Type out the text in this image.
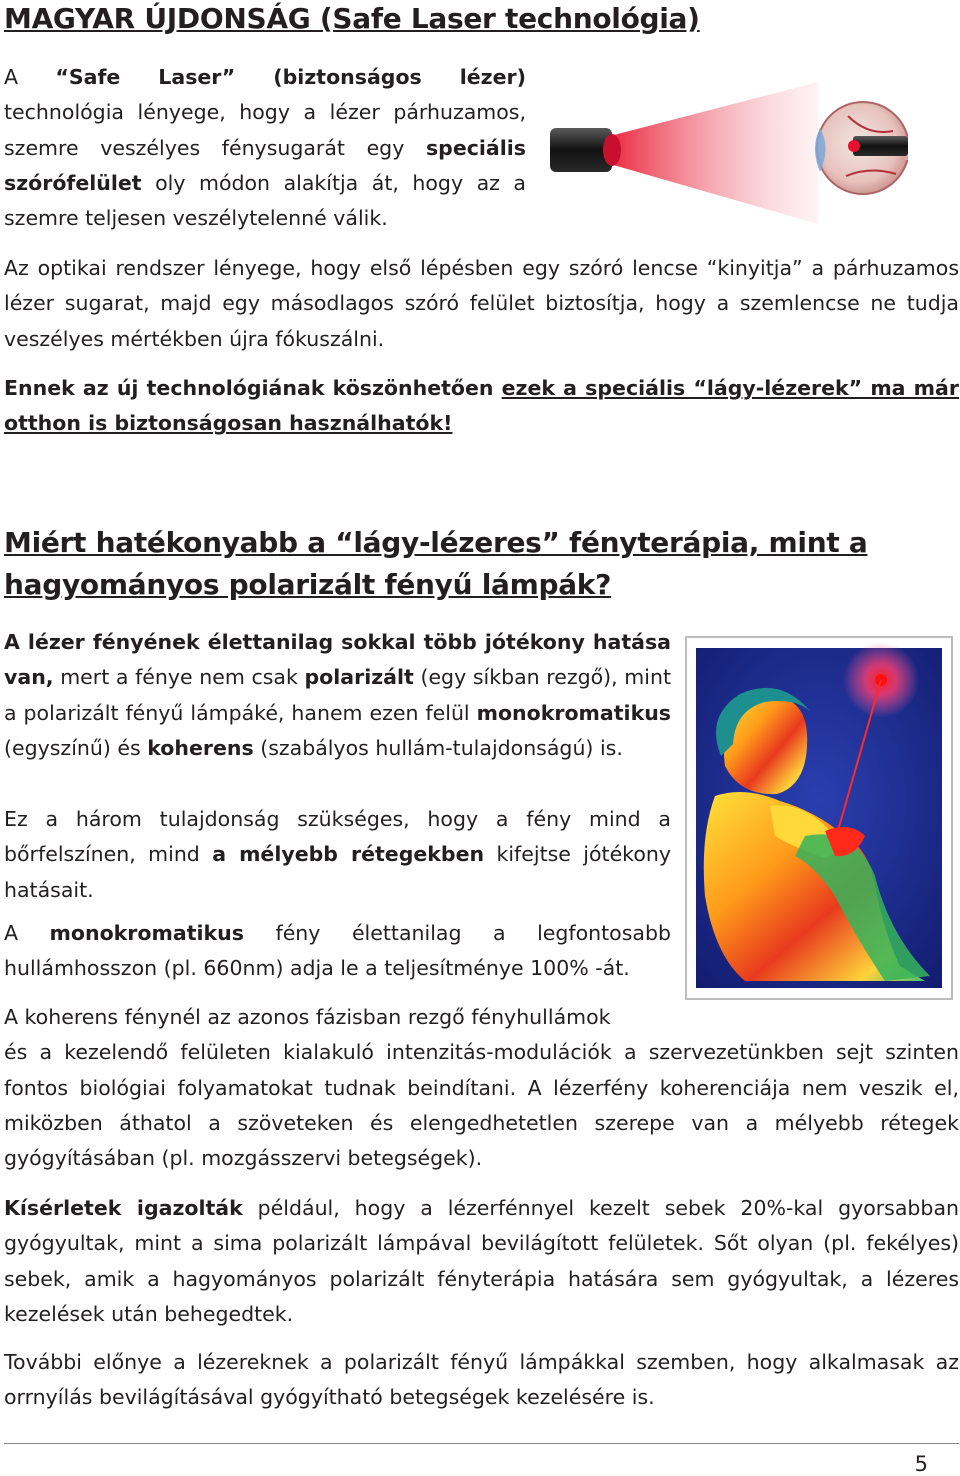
MAGYAR ÚJDONSÁG (Safe Laser technológia)

A “Safe Laser” (biztonságos lézer) technológia lényege, hogy a lézer párhuzamos, szemre veszélyes fénysugarát egy speciális szórófelület oly módon alakítja át, hogy az a szemre teljesen veszélytelenné válik.

Az optikai rendszer lényege, hogy első lépésben egy szóró lencse “kinyitja” a párhuzamos lézer sugarat, majd egy másodlagos szóró felület biztosítja, hogy a szemlencse ne tudja veszélyes mértékben újra fókuszálni.

Ennek az új technológiának köszönhetően ezek a speciális “lágy-lézerek” ma már otthon is biztonságosan használhatók!

Miért hatékonyabb a “lágy-lézeres” fényterápia, mint a hagyományos polarizált fényű lámpák?

A lézer fényének élettanilag sokkal több jótékony hatása van, mert a fénye nem csak polarizált (egy síkban rezgő), mint a polarizált fényű lámpáké, hanem ezen felül monokromatikus (egyszínű) és koherens (szabályos hullám-tulajdonságú) is.

Ez a három tulajdonság szükséges, hogy a fény mind a bőrfelszínen, mind a mélyebb rétegekben kifejtse jótékony hatásait.

A monokromatikus fény élettanilag a legfontosabb hullámhosszon (pl. 660nm) adja le a teljesítménye 100% -át.

A koherens fénynél az azonos fázisban rezgő fényhullámok
és a kezelendő felületen kialakuló intenzitás-modulációk a szervezetünkben sejt szinten fontos biológiai folyamatokat tudnak beindítani. A lézerfény koherenciája nem veszik el, miközben áthatol a szöveteken és elengedhetetlen szerepe van a mélyebb rétegek gyógyításában (pl. mozgásszervi betegségek).

Kísérletek igazolták például, hogy a lézerfénnyel kezelt sebek 20%-kal gyorsabban gyógyultak, mint a sima polarizált lámpával bevilágított felületek. Sőt olyan (pl. fekélyes) sebek, amik a hagyományos polarizált fényterápia hatására sem gyógyultak, a lézeres kezelések után behegedtek.

További előnye a lézereknek a polarizált fényű lámpákkal szemben, hogy alkalmasak az orrnyílás bevilágításával gyógyítható betegségek kezelésére is.

5
